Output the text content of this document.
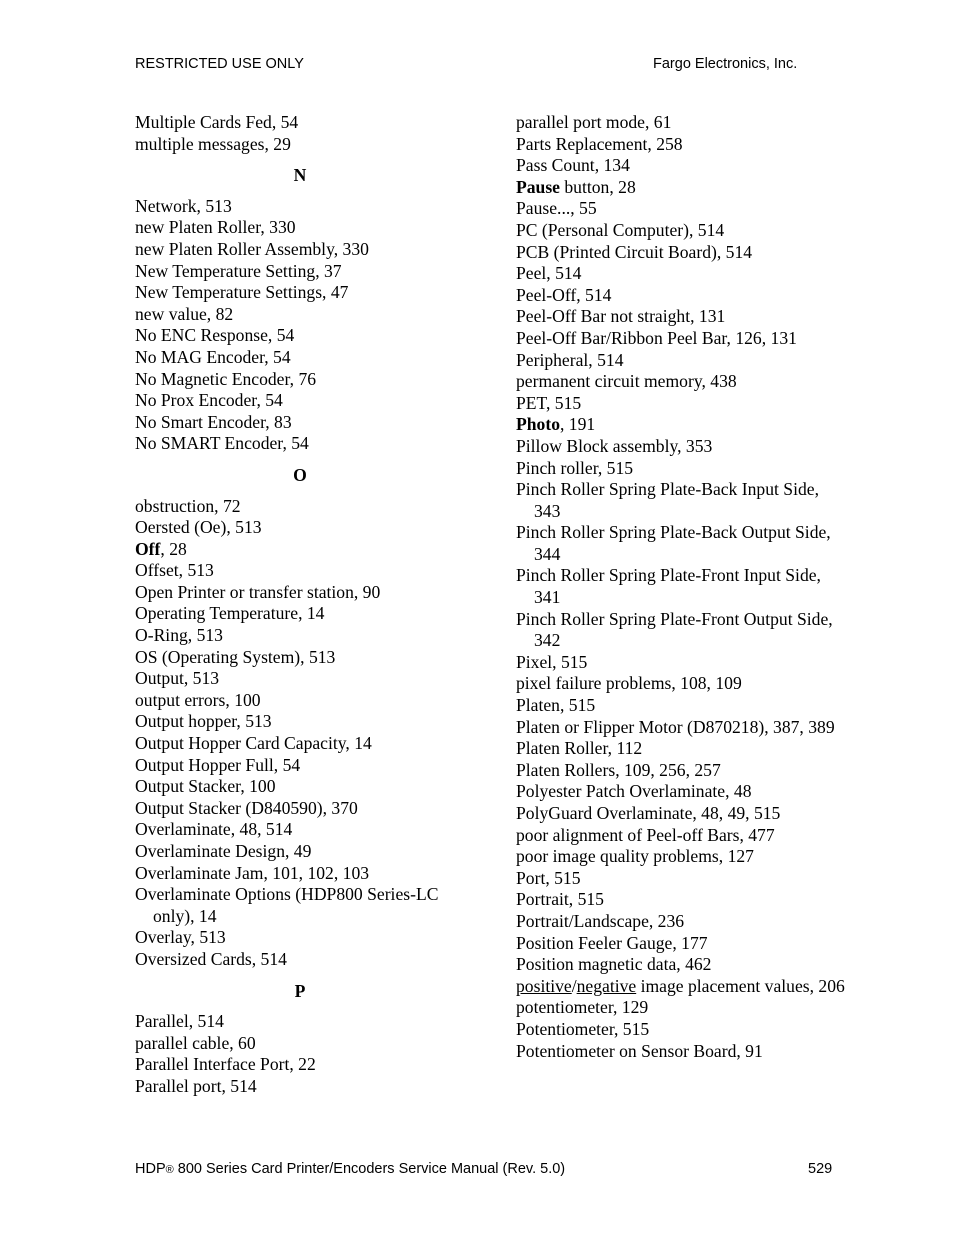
RESTRICTED USE ONLY	Fargo Electronics, Inc.

Multiple Cards Fed, 54

multiple messages, 29

N

Network, 513

new Platen Roller, 330

new Platen Roller Assembly, 330

New Temperature Setting, 37

New Temperature Settings, 47

new value, 82

No ENC Response, 54

No MAG Encoder, 54

No Magnetic Encoder, 76

No Prox Encoder, 54

No Smart Encoder, 83

No SMART Encoder, 54

O

obstruction, 72

Oersted (Oe), 513

Off, 28

Offset, 513

Open Printer or transfer station, 90

Operating Temperature, 14

O-Ring, 513

OS (Operating System), 513

Output, 513

output errors, 100

Output hopper, 513

Output Hopper Card Capacity, 14

Output Hopper Full, 54

Output Stacker, 100

Output Stacker (D840590), 370

Overlaminate, 48, 514

Overlaminate Design, 49

Overlaminate Jam, 101, 102, 103

Overlaminate Options (HDP800 Series-LC only), 14

Overlay, 513

Oversized Cards, 514

P

Parallel, 514

parallel cable, 60

Parallel Interface Port, 22

Parallel port, 514

parallel port mode, 61

Parts Replacement, 258

Pass Count, 134

Pause button, 28

Pause..., 55

PC (Personal Computer), 514

PCB (Printed Circuit Board), 514

Peel, 514

Peel-Off, 514

Peel-Off Bar not straight, 131

Peel-Off Bar/Ribbon Peel Bar, 126, 131

Peripheral, 514

permanent circuit memory, 438

PET, 515

Photo, 191

Pillow Block assembly, 353

Pinch roller, 515

Pinch Roller Spring Plate-Back Input Side, 343

Pinch Roller Spring Plate-Back Output Side, 344

Pinch Roller Spring Plate-Front Input Side, 341

Pinch Roller Spring Plate-Front Output Side, 342

Pixel, 515

pixel failure problems, 108, 109

Platen, 515

Platen or Flipper Motor (D870218), 387, 389

Platen Roller, 112

Platen Rollers, 109, 256, 257

Polyester Patch Overlaminate, 48

PolyGuard Overlaminate, 48, 49, 515

poor alignment of Peel-off Bars, 477

poor image quality problems, 127

Port, 515

Portrait, 515

Portrait/Landscape, 236

Position Feeler Gauge, 177

Position magnetic data, 462

positive/negative image placement values, 206

potentiometer, 129

Potentiometer, 515

Potentiometer on Sensor Board, 91

HDP® 800 Series Card Printer/Encoders Service Manual (Rev. 5.0)	529
